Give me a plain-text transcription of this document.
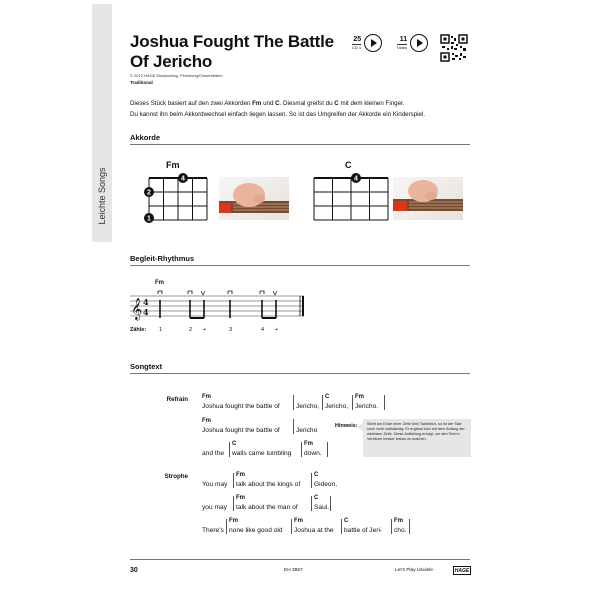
Leichte Songs
Joshua Fought The Battle
Of Jericho
© 2012 HAGE Musikverlag, Pinneberg/Ostwestfalen
Traditional
25
CD 1
11
Video
Dieses Stück basiert auf den zwei Akkorden Fm und C. Diesmal greifst du C mit dem kleinen Finger.
Du kannst ihn beim Akkordwechsel einfach liegen lassen. So ist das Umgreifen der Akkorde ein Kinderspiel.
Akkorde
Fm
4
2
1
C
4
Begleit-Rhythmus
Fm
𝄞 4
4
Zähle: 1	2 +	3	4 +
Songtext
Refrain
Strophe
Fm	C	Fm
Joshua fought the battle of Jericho, Jericho, Jericho.
Fm
Joshua fought the battle of Jericho
C	Fm
and the walls came tumbling down.
Hinweis:	Steht am Ende einer Zeile kein Taktstrich, so ist der Takt noch nicht vollständig. Er ergänzt sich mit dem Anfang der nächsten Zeile. Diese Aufteilung erfolgt, um den Text in Versform besser lesbar zu machen.
Fm	C
You may talk about the kings of Gideon,
Fm	C
you may talk about the man of Saul.
Fm	Fm	C	Fm
There's none like good old Joshua at the battle of Jeri- cho.
30	EH 3857	Let's Play Ukulele	HAGE
